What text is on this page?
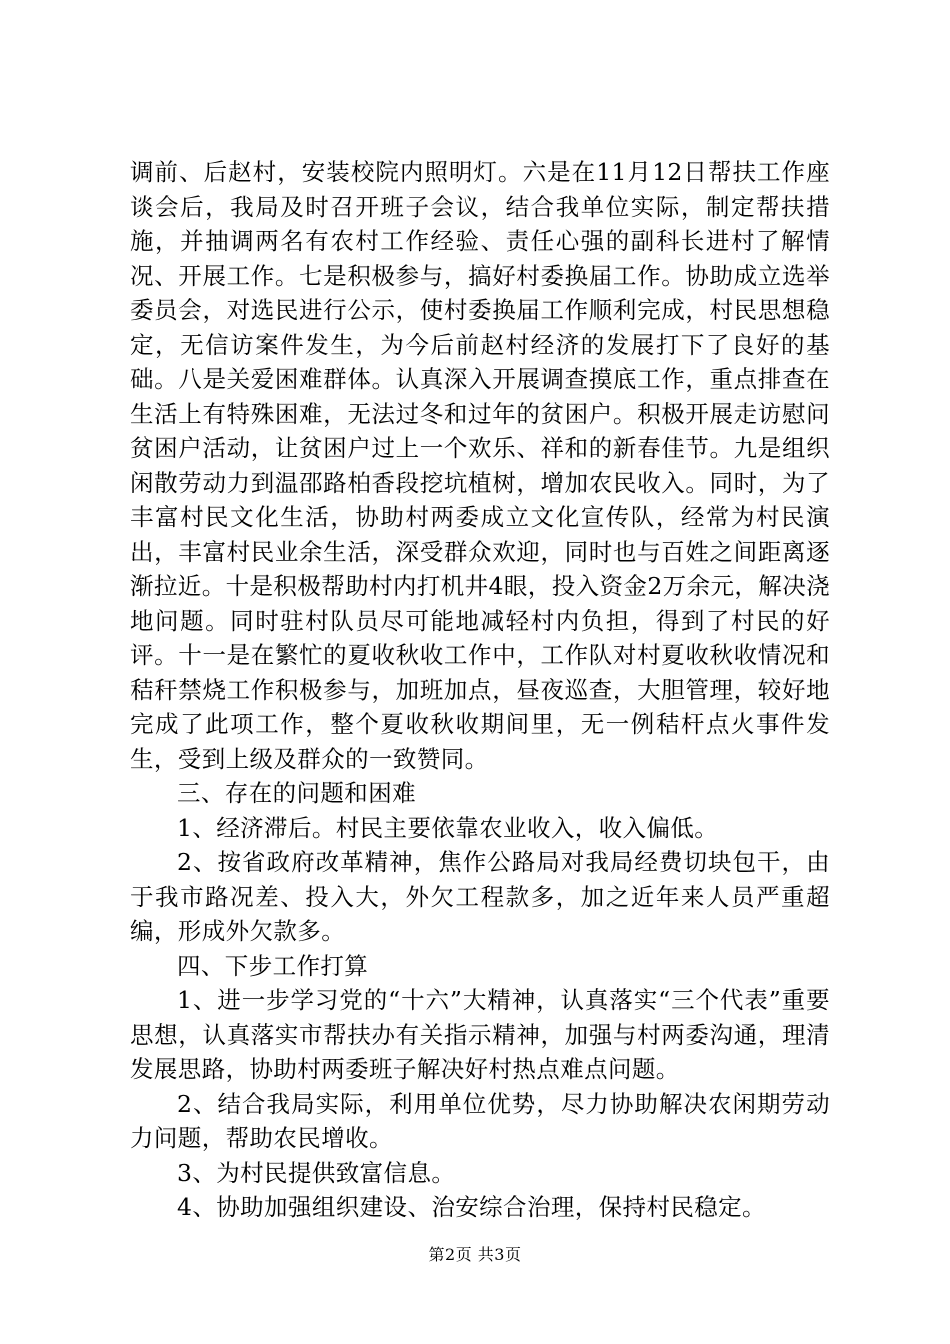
调前、后赵村，安装校院内照明灯。六是在11月12日帮扶工作座谈会后，我局及时召开班子会议，结合我单位实际，制定帮扶措施，并抽调两名有农村工作经验、责任心强的副科长进村了解情况、开展工作。七是积极参与，搞好村委换届工作。协助成立选举委员会，对选民进行公示，使村委换届工作顺利完成，村民思想稳定，无信访案件发生，为今后前赵村经济的发展打下了良好的基础。八是关爱困难群体。认真深入开展调查摸底工作，重点排查在生活上有特殊困难，无法过冬和过年的贫困户。积极开展走访慰问贫困户活动，让贫困户过上一个欢乐、祥和的新春佳节。九是组织闲散劳动力到温邵路柏香段挖坑植树，增加农民收入。同时，为了丰富村民文化生活，协助村两委成立文化宣传队，经常为村民演出，丰富村民业余生活，深受群众欢迎，同时也与百姓之间距离逐渐拉近。十是积极帮助村内打机井4眼，投入资金2万余元，解决浇地问题。同时驻村队员尽可能地减轻村内负担，得到了村民的好评。十一是在繁忙的夏收秋收工作中，工作队对村夏收秋收情况和秸秆禁烧工作积极参与，加班加点，昼夜巡查，大胆管理，较好地完成了此项工作，整个夏收秋收期间里，无一例秸杆点火事件发生，受到上级及群众的一致赞同。

三、存在的问题和困难

1、经济滞后。村民主要依靠农业收入，收入偏低。

2、按省政府改革精神，焦作公路局对我局经费切块包干，由于我市路况差、投入大，外欠工程款多，加之近年来人员严重超编，形成外欠款多。

四、下步工作打算

1、进一步学习党的“十六”大精神，认真落实“三个代表”重要思想，认真落实市帮扶办有关指示精神，加强与村两委沟通，理清发展思路，协助村两委班子解决好村热点难点问题。

2、结合我局实际，利用单位优势，尽力协助解决农闲期劳动力问题，帮助农民增收。

3、为村民提供致富信息。

4、协助加强组织建设、治安综合治理，保持村民稳定。

第2页 共3页
